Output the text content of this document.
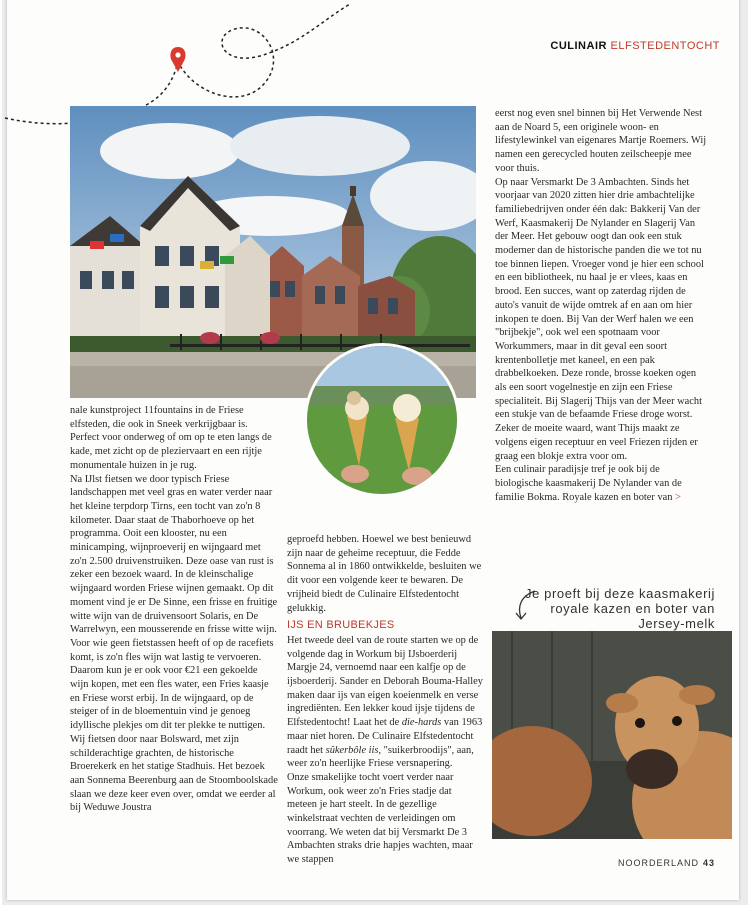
CULINAIR ELFSTEDENTOCHT

nale kunstproject 11fountains in de Friese elfsteden, die ook in Sneek verkrijgbaar is. Perfect voor onderweg of om op te eten langs de kade, met zicht op de pleziervaart en een rijtje monumentale huizen in je rug.

Na IJlst fietsen we door typisch Friese landschappen met veel gras en water verder naar het kleine terpdorp Tirns, een tocht van zo'n 8 kilometer. Daar staat de Thaborhoeve op het programma. Ooit een klooster, nu een minicamping, wijnproeverij en wijngaard met zo'n 2.500 druivenstruiken. Deze oase van rust is zeker een bezoek waard. In de kleinschalige wijngaard worden Friese wijnen gemaakt. Op dit moment vind je er De Sinne, een frisse en fruitige witte wijn van de druivensoort Solaris, en De Warrelwyn, een mousserende en frisse witte wijn. Voor wie geen fietstassen heeft of op de racefiets komt, is zo'n fles wijn wat lastig te vervoeren. Daarom kun je er ook voor €21 een gekoelde wijn kopen, met een fles water, een Fries kaasje en Friese worst erbij. In de wijngaard, op de steiger of in de bloementuin vind je genoeg idyllische plekjes om dit ter plekke te nuttigen.

Wij fietsen door naar Bolsward, met zijn schilderachtige grachten, de historische Broerekerk en het statige Stadhuis. Het bezoek aan Sonnema Beerenburg aan de Stoomboolskade slaan we deze keer even over, omdat we eerder al bij Weduwe Joustra

geproefd hebben. Hoewel we best benieuwd zijn naar de geheime receptuur, die Fedde Sonnema al in 1860 ontwikkelde, besluiten we dit voor een volgende keer te bewaren. De vrijheid biedt de Culinaire Elfstedentocht gelukkig.

IJS EN BRUBEKJES

Het tweede deel van de route starten we op de volgende dag in Workum bij IJsboerderij Margje 24, vernoemd naar een kalfje op de ijsboerderij. Sander en Deborah Bouma-Halley maken daar ijs van eigen koeienmelk en verse ingrediënten. Een lekker koud ijsje tijdens de Elfstedentocht! Laat het de die-hards van 1963 maar niet horen. De Culinaire Elfstedentocht raadt het sûkerbôle iis, "suikerbroodijs", aan, weer zo'n heerlijke Friese versnapering.

Onze smakelijke tocht voert verder naar Workum, ook weer zo'n Fries stadje dat meteen je hart steelt. In de gezellige winkelstraat vechten de verleidingen om voorrang. We weten dat bij Versmarkt De 3 Ambachten straks drie hapjes wachten, maar we stappen

eerst nog even snel binnen bij Het Verwende Nest aan de Noard 5, een originele woon- en lifestylewinkel van eigenares Martje Roemers. Wij namen een gerecycled houten zeilscheepje mee voor thuis.

Op naar Versmarkt De 3 Ambachten. Sinds het voorjaar van 2020 zitten hier drie ambachtelijke familiebedrijven onder één dak: Bakkerij Van der Werf, Kaasmakerij De Nylander en Slagerij Van der Meer. Het gebouw oogt dan ook een stuk moderner dan de historische panden die we tot nu toe binnen liepen. Vroeger vond je hier een school en een bibliotheek, nu haal je er vlees, kaas en brood. Een succes, want op zaterdag rijden de auto's vanuit de wijde omtrek af en aan om hier inkopen te doen. Bij Van der Werf halen we een "brijbekje", ook wel een spotnaam voor Workummers, maar in dit geval een soort krentenbolletje met kaneel, en een pak drabbelkoeken. Deze ronde, brosse koeken ogen als een soort vogelnestje en zijn een Friese specialiteit. Bij Slagerij Thijs van der Meer wacht een stukje van de befaamde Friese droge worst. Zeker de moeite waard, want Thijs maakt ze volgens eigen receptuur en veel Friezen rijden er graag een blokje extra voor om.

Een culinair paradijsje tref je ook bij de biologische kaasmakerij De Nylander van de familie Bokma. Royale kazen en boter van >

Je proeft bij deze kaasmakerij royale kazen en boter van Jersey-melk
NOORDERLAND 43
